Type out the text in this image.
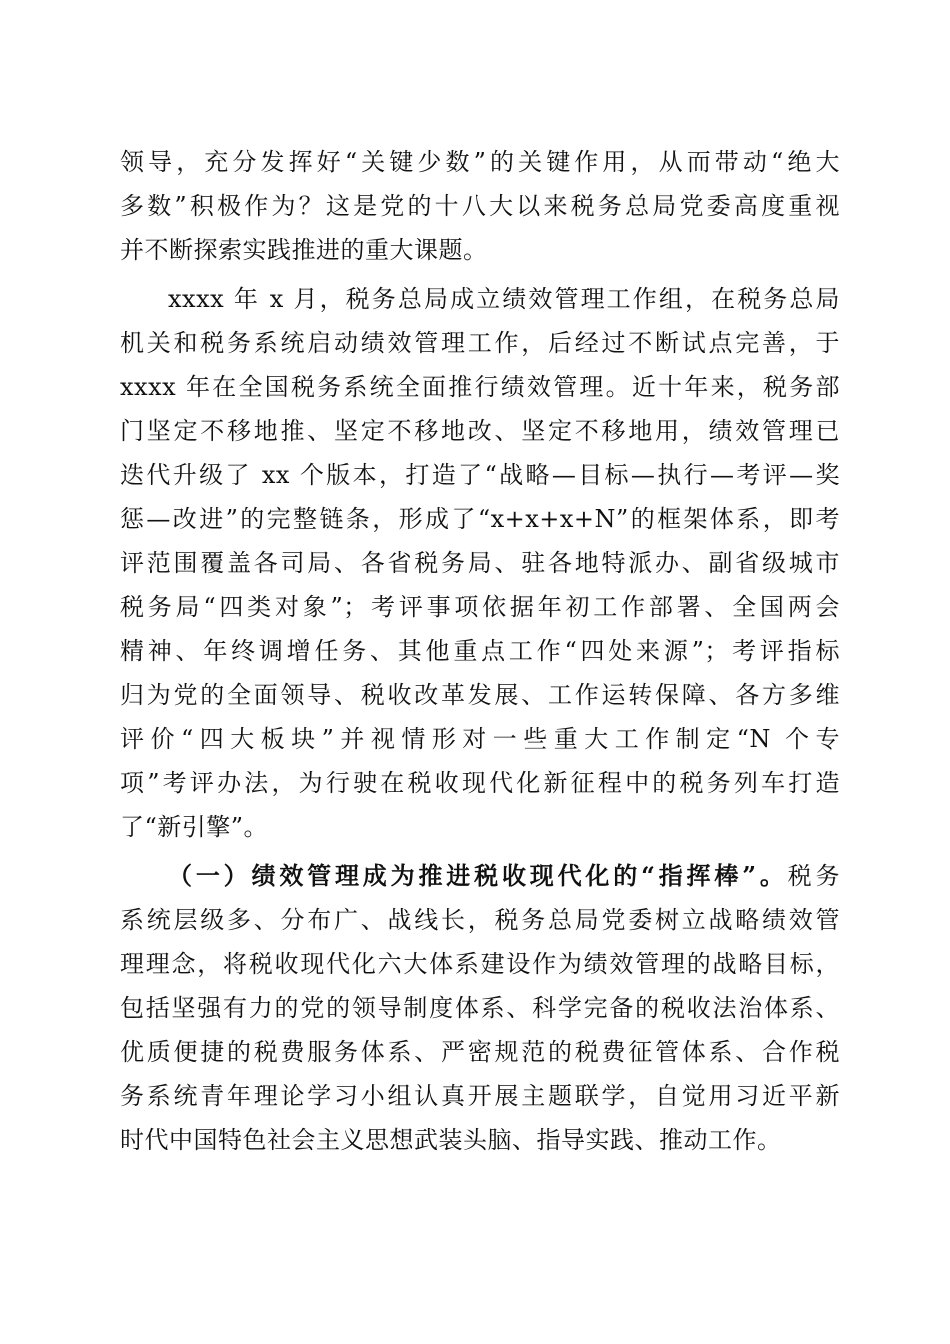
领导，充分发挥好“关键少数”的关键作用，从而带动“绝大
多数”积极作为？这是党的十八大以来税务总局党委高度重视
并不断探索实践推进的重大课题。
xxxx 年 x 月，税务总局成立绩效管理工作组，在税务总局
机关和税务系统启动绩效管理工作，后经过不断试点完善，于
xxxx 年在全国税务系统全面推行绩效管理。近十年来，税务部
门坚定不移地推、坚定不移地改、坚定不移地用，绩效管理已
迭代升级了 xx 个版本，打造了“战略—目标—执行—考评—奖
惩—改进”的完整链条，形成了“x+x+x+N”的框架体系，即考
评范围覆盖各司局、各省税务局、驻各地特派办、副省级城市
税务局“四类对象”；考评事项依据年初工作部署、全国两会
精神、年终调增任务、其他重点工作“四处来源”；考评指标
归为党的全面领导、税收改革发展、工作运转保障、各方多维
评价“四大板块”并视情形对一些重大工作制定“N 个专
项”考评办法，为行驶在税收现代化新征程中的税务列车打造
了“新引擎”。
（一）绩效管理成为推进税收现代化的“指挥棒”。税务
系统层级多、分布广、战线长，税务总局党委树立战略绩效管
理理念，将税收现代化六大体系建设作为绩效管理的战略目标，
包括坚强有力的党的领导制度体系、科学完备的税收法治体系、
优质便捷的税费服务体系、严密规范的税费征管体系、合作税
务系统青年理论学习小组认真开展主题联学，自觉用习近平新
时代中国特色社会主义思想武装头脑、指导实践、推动工作。
